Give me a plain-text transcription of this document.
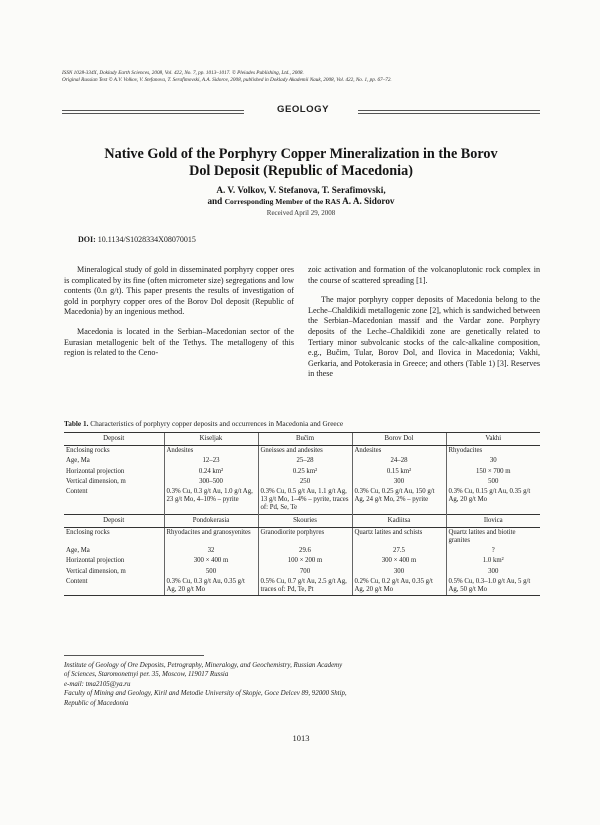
ISSN 1028-334X, Doklady Earth Sciences, 2008, Vol. 422, No. 7, pp. 1013–1017. © Pleiades Publishing, Ltd., 2008.
Original Russian Text © A.V. Volkov, V. Stefanova, T. Serafimovski, A.A. Sidorov, 2008, published in Doklady Akademii Nauk, 2008, Vol. 422, No. 1, pp. 67–72.
GEOLOGY
Native Gold of the Porphyry Copper Mineralization in the Borov
Dol Deposit (Republic of Macedonia)
A. V. Volkov, V. Stefanova, T. Serafimovski,
and Corresponding Member of the RAS A. A. Sidorov
Received April 29, 2008
DOI: 10.1134/S1028334X08070015

Mineralogical study of gold in disseminated porphyry copper ores is complicated by its fine (often micrometer size) segregations and low contents (0.n g/t). This paper presents the results of investigation of gold in porphyry copper ores of the Borov Dol deposit (Republic of Macedonia) by an ingenious method.

Macedonia is located in the Serbian–Macedonian sector of the Eurasian metallogenic belt of the Tethys. The metallogeny of this region is related to the Ceno-

zoic activation and formation of the volcanoplutonic rock complex in the course of scattered spreading [1].

The major porphyry copper deposits of Macedonia belong to the Leche–Chaldikidi metallogenic zone [2], which is sandwiched between the Serbian–Macedonian massif and the Vardar zone. Porphyry deposits of the Leche–Chaldikidi zone are genetically related to Tertiary minor subvolcanic stocks of the calc-alkaline composition, e.g., Bučim, Tular, Borov Dol, and Ilovica in Macedonia; Vakhi, Gerkaria, and Potokerasia in Greece; and others (Table 1) [3]. Reserves in these

Table 1. Characteristics of porphyry copper deposits and occurrences in Macedonia and Greece
Deposit	Kiseljak	Bučim	Borov Dol	Vakhi
Enclosing rocks	Andesites	Gneisses and andesites	Andesites	Rhyodacites
Age, Ma	12–23	25–28	24–28	30
Horizontal projection	0.24 km²	0.25 km²	0.15 km²	150 × 700 m
Vertical dimension, m	300–500	250	300	500
Content	0.3% Cu, 0.3 g/t Au, 1.0 g/t Ag, 23 g/t Mo, 4–10% – pyrite	0.3% Cu, 0.5 g/t Au, 1.1 g/t Ag, 13 g/t Mo, 1–4% – pyrite, traces of: Pd, Se, Te	0.3% Cu, 0.25 g/t Au, 150 g/t Ag, 24 g/t Mo, 2% – pyrite	0.3% Cu, 0.15 g/t Au, 0.35 g/t Ag, 20 g/t Mo
Deposit	Pondokerasia	Skouries	Kadiitsa	Ilovica
Enclosing rocks	Rhyodacites and granosyenites	Granodiorite porphyres	Quartz latites and schists	Quartz latites and biotite granites
Age, Ma	32	29.6	27.5	?
Horizontal projection	300 × 400 m	100 × 200 m	300 × 400 m	1.0 km²
Vertical dimension, m	500	700	300	300
Content	0.3% Cu, 0.3 g/t Au, 0.35 g/t Ag, 20 g/t Mo	0.5% Cu, 0.7 g/t Au, 2.5 g/t Ag, traces of: Pd, Te, Pt	0.2% Cu, 0.2 g/t Au, 0.35 g/t Ag, 20 g/t Mo	0.5% Cu, 0.3–1.0 g/t Au, 5 g/t Ag, 50 g/t Mo
Institute of Geology of Ore Deposits, Petrography, Mineralogy, and Geochemistry, Russian Academy
of Sciences, Staromonetnyi per. 35, Moscow, 119017 Russia
e-mail: tma2105@ya.ru
Faculty of Mining and Geology, Kiril and Metodie University of Skopje, Goce Delcev 89, 92000 Shtip,
Republic of Macedonia
1013
